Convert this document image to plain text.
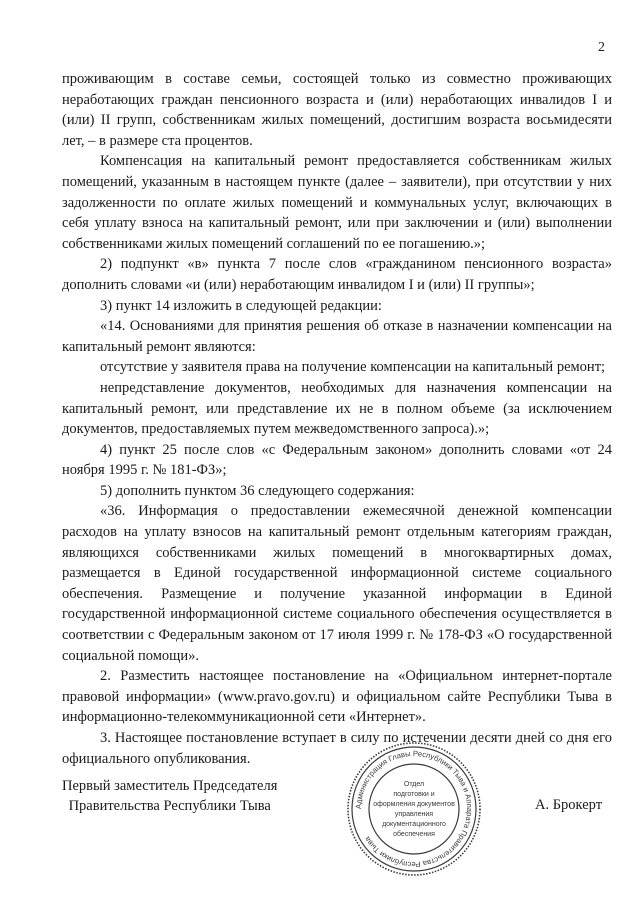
2

проживающим в составе семьи, состоящей только из совместно проживающих неработающих граждан пенсионного возраста и (или) неработающих инвалидов I и (или) II групп, собственникам жилых помещений, достигшим возраста восьмидесяти лет, – в размере ста процентов.

Компенсация на капитальный ремонт предоставляется собственникам жилых помещений, указанным в настоящем пункте (далее – заявители), при отсутствии у них задолженности по оплате жилых помещений и коммунальных услуг, включающих в себя уплату взноса на капитальный ремонт, или при заключении и (или) выполнении собственниками жилых помещений соглашений по ее погашению.»;

2) подпункт «в» пункта 7 после слов «гражданином пенсионного возраста» дополнить словами «и (или) неработающим инвалидом I и (или) II группы»;

3) пункт 14 изложить в следующей редакции:

«14. Основаниями для принятия решения об отказе в назначении компенсации на капитальный ремонт являются:

отсутствие у заявителя права на получение компенсации на капитальный ремонт;

непредставление документов, необходимых для назначения компенсации на капитальный ремонт, или представление их не в полном объеме (за исключением документов, предоставляемых путем межведомственного запроса).»;

4) пункт 25 после слов «с Федеральным законом» дополнить словами «от 24 ноября 1995 г. № 181-ФЗ»;

5) дополнить пунктом 36 следующего содержания:

«36. Информация о предоставлении ежемесячной денежной компенсации расходов на уплату взносов на капитальный ремонт отдельным категориям граждан, являющихся собственниками жилых помещений в многоквартирных домах, размещается в Единой государственной информационной системе социального обеспечения. Размещение и получение указанной информации в Единой государственной информационной системе социального обеспечения осуществляется в соответствии с Федеральным законом от 17 июля 1999 г. № 178-ФЗ «О государственной социальной помощи».

2. Разместить настоящее постановление на «Официальном интернет-портале правовой информации» (www.pravo.gov.ru) и официальном сайте Республики Тыва в информационно-телекоммуникационной сети «Интернет».

3. Настоящее постановление вступает в силу по истечении десяти дней со дня его официального опубликования.

Первый заместитель Председателя
Правительства Республики Тыва	Администрация Главы Республики Тыва и Аппарата Правительства Республики Тыва
Отдел
подготовки и
оформления документов
управления
документационного
обеспечения
А. Брокерт
